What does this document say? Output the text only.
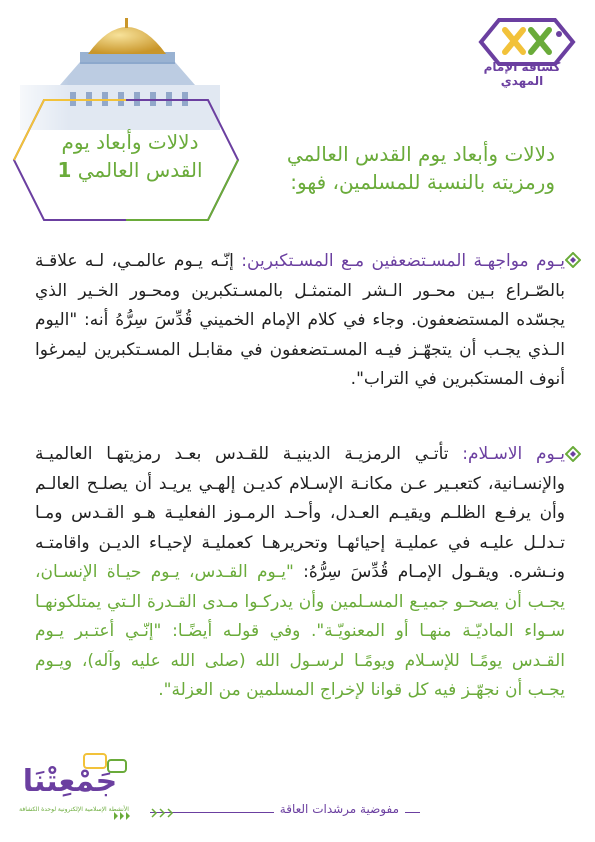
كشافة الإمام المهدي
دلالات وأبعاد يوم
القدس العالمي 1
دلالات وأبعاد يوم القدس العالمي
ورمزيته بالنسبة للمسلمين، فهو:
يـوم مواجهـة المسـتضعفين مـع المسـتكبرين: إنّـه يـوم عالمـي، لـه علاقـة بالصّـراع بـين محـور الـشر المتمثـل بالمسـتكبرين ومحـور الخـير الذي يجسّده المستضعفون. وجاء في كلام الإمام الخميني قُدِّسَ سِرُّهُ أنه: "اليوم الـذي يجـب أن يتجهّـز فيـه المسـتضعفون في مقابـل المسـتكبرين ليمرغوا أنوف المستكبرين في التراب".
يـوم الاسـلام: تأتـي الرمزيـة الدينيـة للقـدس بعـد رمزيتهـا العالميـة والإنسـانية، كتعبـير عـن مكانـة الإسـلام كديـن إلهـي يريـد أن يصلـح العالـم وأن يرفـع الظلـم ويقيـم العـدل، وأحـد الرمـوز الفعليـة هـو القـدس ومـا تـدلـل عليـه في عمليـة إحيائهـا وتحريرهـا كعمليـة لإحيـاء الديـن واقامتـه ونـشره. ويقـول الإمـام قُدِّسَ سِرُّهُ: "يـوم القـدس، يـوم حيـاة الإنسـان، يجـب أن يصحـو جميـع المسـلمين وأن يدركـوا مـدى القـدرة الـتي يمتلكونهـا سـواء الماديّـة منهـا أو المعنويّـة". وفي قولـه أيضًـا: "إنّـي أعتـبر يـوم القـدس يومًـا للإسـلام ويومًـا لرسـول الله (صلى الله عليه وآله)، ويـوم يجـب أن نجهّـز فيه كل قوانا لإخراج المسلمين من العزلة".
جَمْعِتْنَا
الأنشطة الإسلامية الإلكترونية لوحدة الكشافة	مفوضية مرشدات العاقة
